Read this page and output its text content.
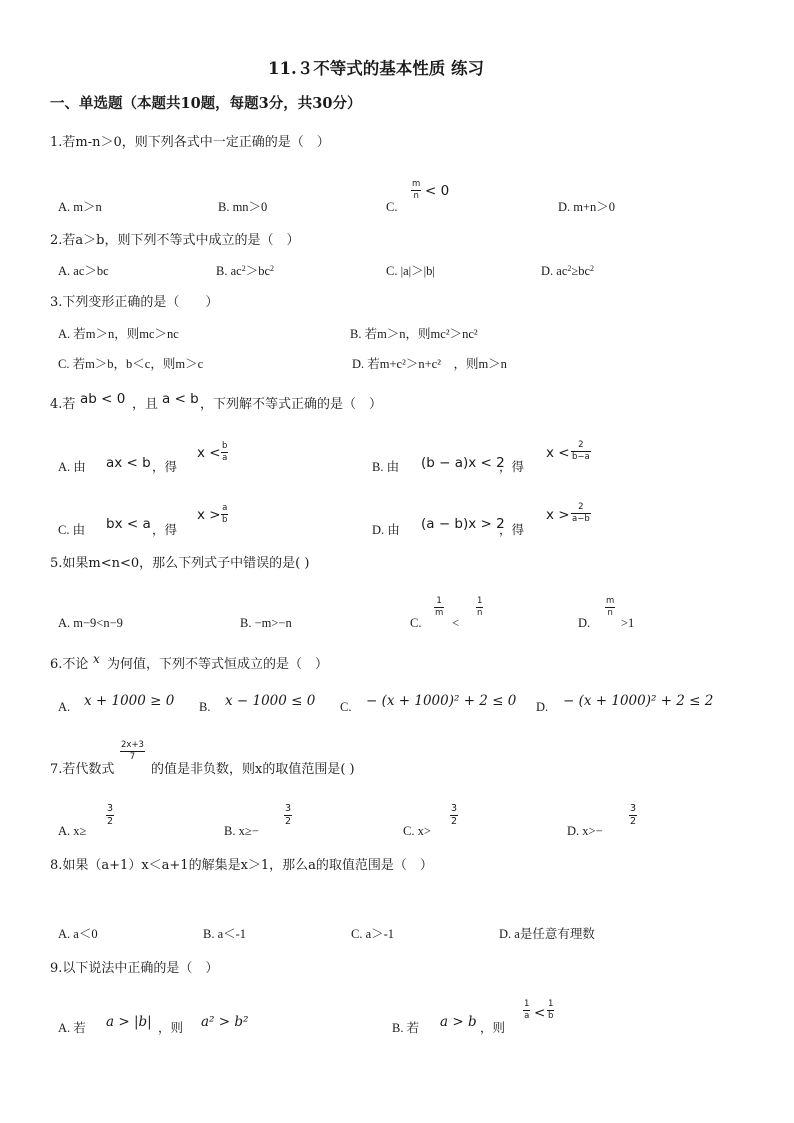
11.３不等式的基本性质 练习
一、单选题（本题共10题，每题3分，共30分）
1.若m-n＞0，则下列各式中一定正确的是（　）
A. m＞n	B. mn＞0	C.
m
n < 0
D. m+n＞0
2.若a＞b，则下列不等式中成立的是（　）
A. ac＞bc	B. $ac^2>bc^2$	C. |a|＞|b|	D. $ac^2\ge bc^2$
3.下列变形正确的是（　　）
A. 若m＞n，则mc＞nc	B. 若m＞n，则mc²＞nc²
C. 若m＞b，b＜c，则m＞c	D. 若m+c²＞n+c²　，则m＞n
4.若 ab < 0 ，且 a < b ，下列解不等式正确的是（　）
A. 由 ax < b ，得
x < b
a
B. 由 (b − a)x < 2
，得
x < 2
b−a
C. 由 bx < a ，得
x > a
b
D. 由 (a − b)x > 2
，得
x > 2
a−b
5.如果m<n<0，那么下列式子中错误的是( )
A. m−9<n−9	B. −m>−n	C.
1
m
<
1
n
D.
m
n
>1
6.不论 x 为何值，下列不等式恒成立的是（　）
A. x + 1000 ≥ 0 B. x − 1000 ≤ 0 C. − (x + 1000)² + 2 ≤ 0 D. − (x + 1000)² + 2 ≤ 2
7.若代数式
2x+3
7
的值是非负数，则x的取值范围是( )
A. x≥
3
2
B. x≥−
3
2
C. x>
3
2
D. x>−
3
2
8.如果（a+1）x＜a+1的解集是x＞1，那么a的取值范围是（　）
A. a＜0	B. a＜-1	C. a＞-1	D. a是任意有理数
9.以下说法中正确的是（　）
A. 若 a > |b| ，则 a² > b²	B. 若 a > b ，则
1
a <
1
b
